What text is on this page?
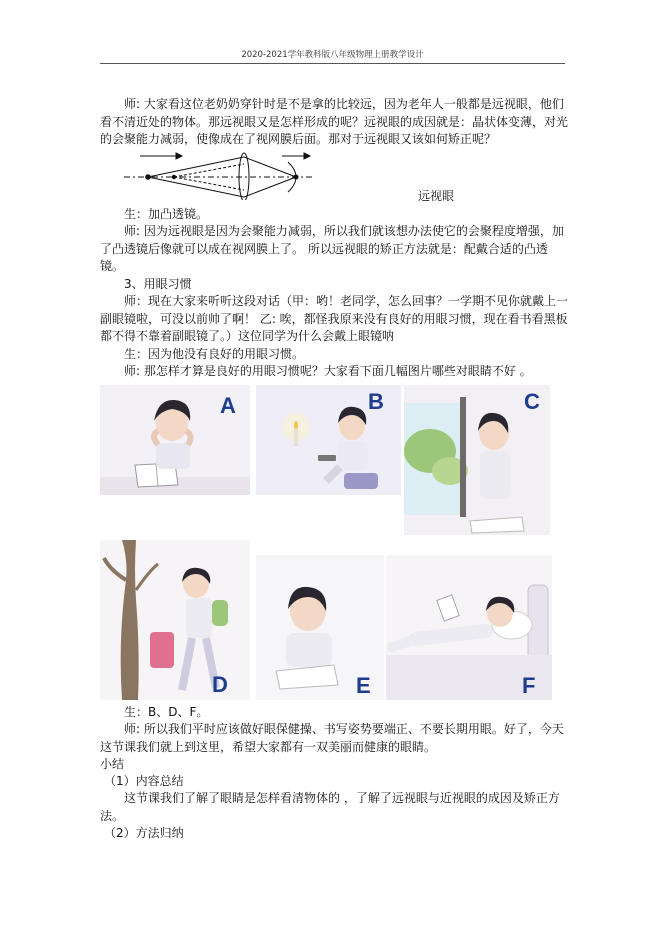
2020-2021学年教科版八年级物理上册教学设计

师: 大家看这位老奶奶穿针时是不是拿的比较远，因为老年人一般都是远视眼，他们看不清近处的物体。那远视眼又是怎样形成的呢？远视眼的成因就是：晶状体变薄，对光的会聚能力减弱，使像成在了视网膜后面。那对于远视眼又该如何矫正呢？

远视眼
生：加凸透镜。
师: 因为远视眼是因为会聚能力减弱，所以我们就该想办法使它的会聚程度增强，加了凸透镜后像就可以成在视网膜上了。 所以远视眼的矫正方法就是：配戴合适的凸透镜。
3、用眼习惯
师：现在大家来听听这段对话（甲：哟！老同学，怎么回事？一学期不见你就戴上一副眼镜啦，可没以前帅了啊！ 乙: 唉，都怪我原来没有良好的用眼习惯，现在看书看黑板都不得不靠着副眼镜了。）这位同学为什么会戴上眼镜呐
生：因为他没有良好的用眼习惯。
师: 那怎样才算是良好的用眼习惯呢？大家看下面几幅图片哪些对眼睛不好 。
A	B	C
D	E	F
生：B、D、F。
师: 所以我们平时应该做好眼保健操、书写姿势要端正、不要长期用眼。好了，今天这节课我们就上到这里，希望大家都有一双美丽而健康的眼睛。
小结
（1）内容总结
这节课我们了解了眼睛是怎样看清物体的 ，了解了远视眼与近视眼的成因及矫正方法。
（2）方法归纳
